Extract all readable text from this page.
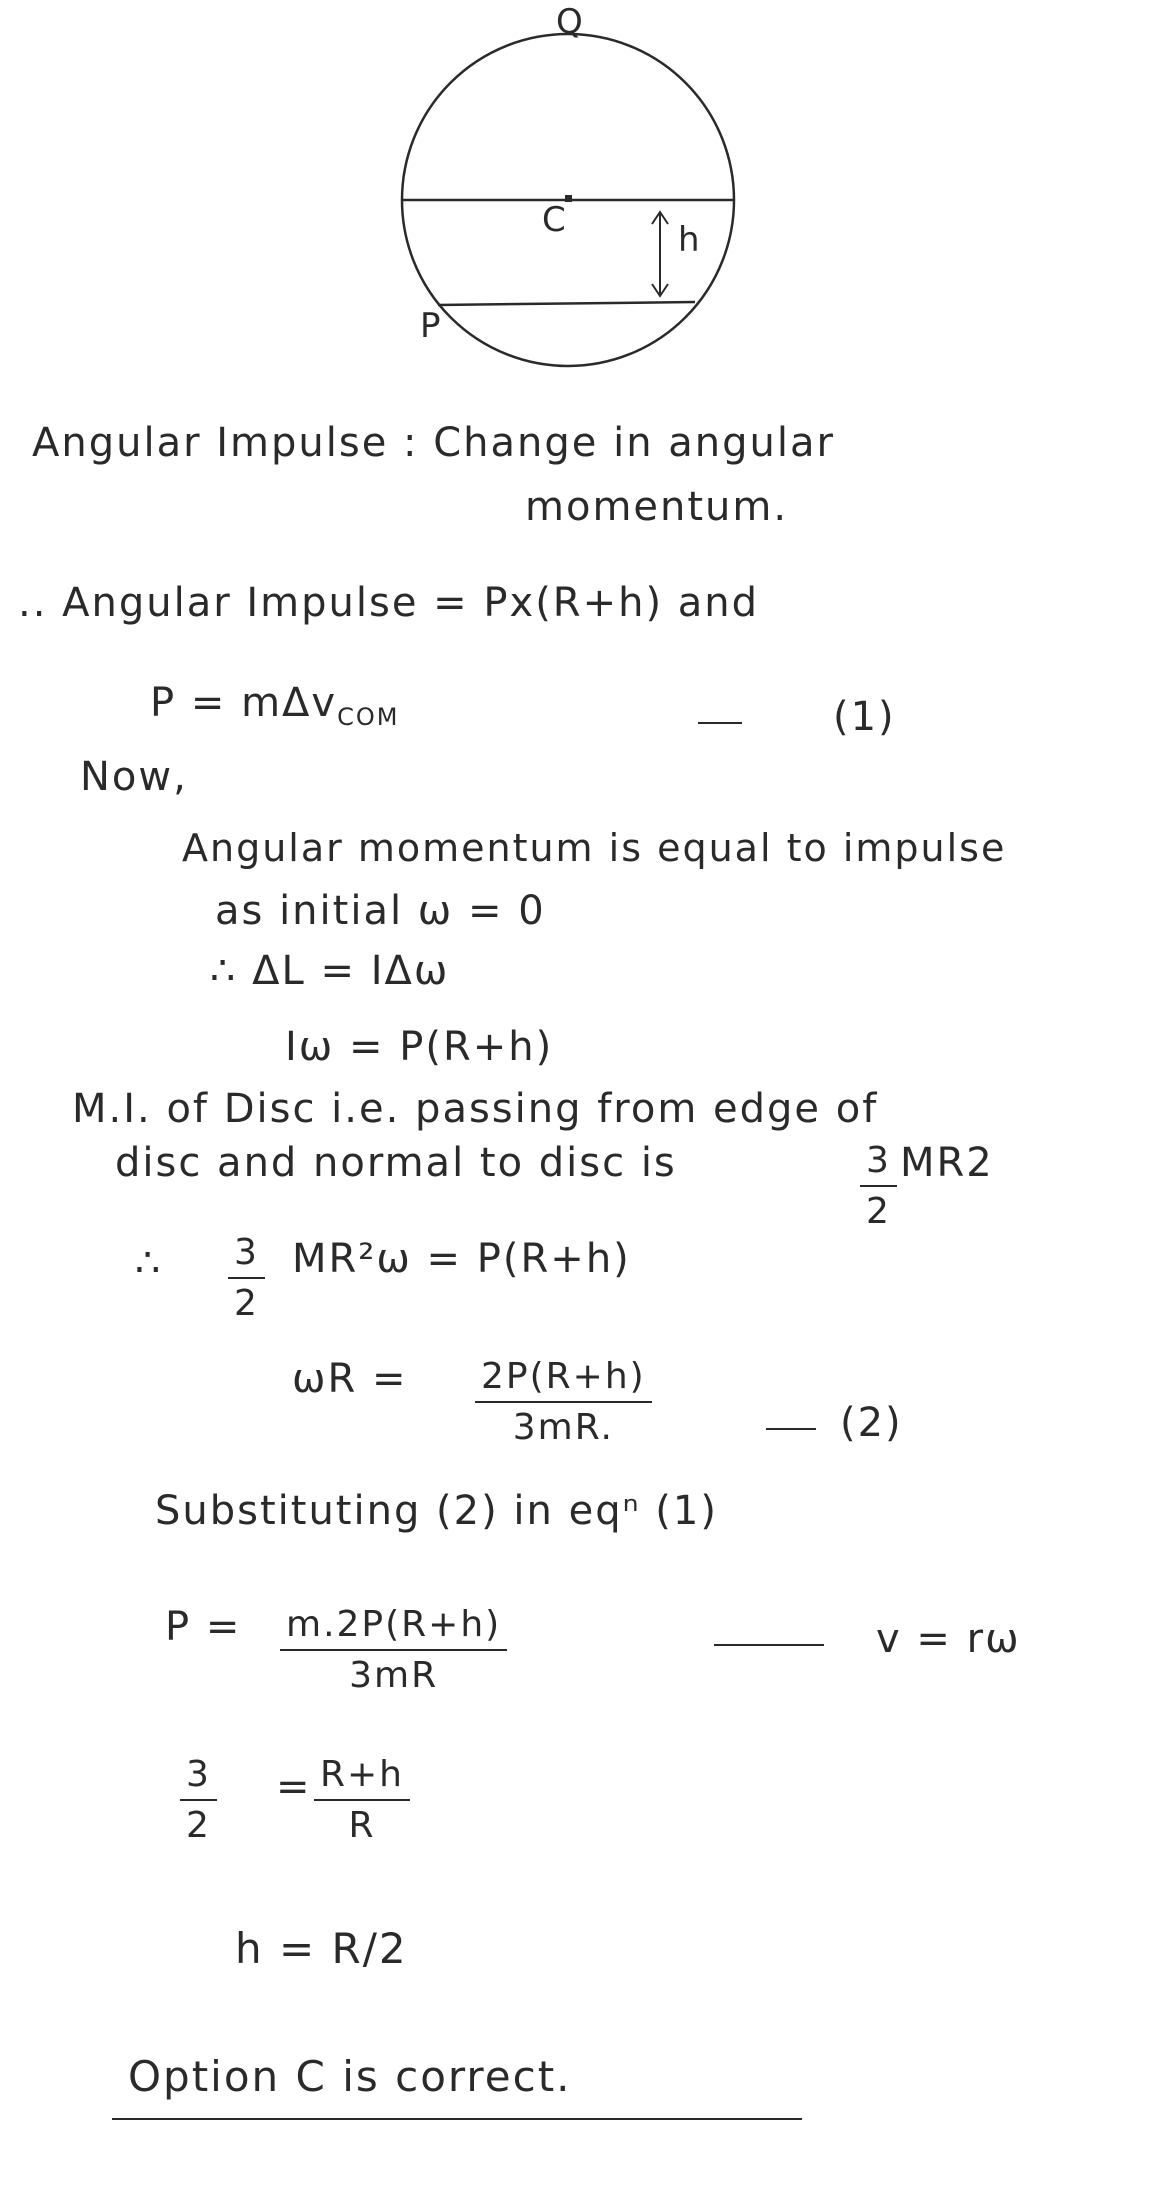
Q
C	h
P
Angular Impulse : Change in angular
momentum.
.. Angular Impulse = Px(R+h) and
P = mΔv$_{COM}$	(1)
Now,
Angular momentum is equal to impulse
as initial ω = 0
∴ ΔL = IΔω
Iω = P(R+h)
M.I. of Disc i.e. passing from edge of
disc and normal to disc is	$\frac{3}{2} MR2$
∴ $\frac{3}{2} MR^2\omega = P(R+h)$
$\omega R = \frac{2P(R+h)}{3mR.}$	(2)
Substituting (2) in eqⁿ (1)
$P = \frac{m.2P(R+h)}{3mR}$	v = rω
$\frac{3}{2} = \frac{R+h}{R}$
h = R/2
Option C is correct.
